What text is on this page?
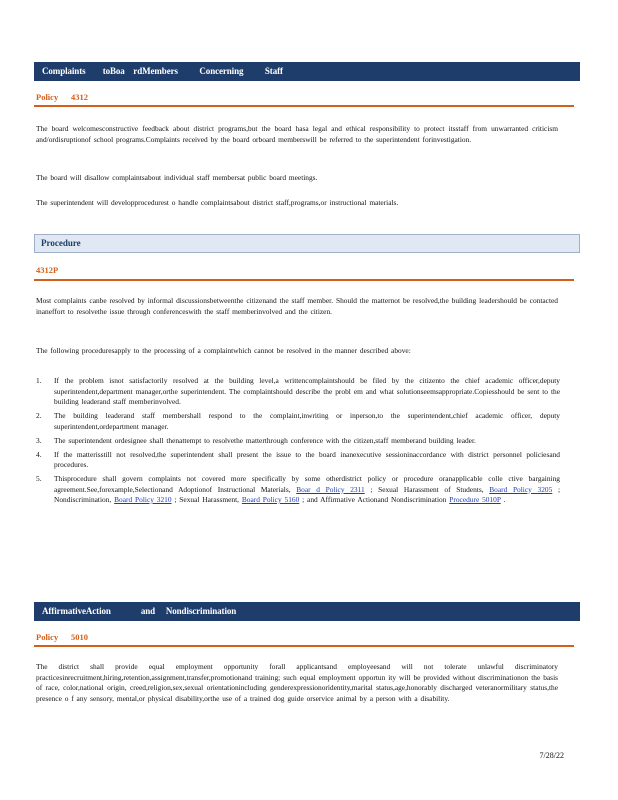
Complaints        toBoa    rdMembers          Concerning          Staff
Policy      4312
The board welcomesconstructive feedback about district programs,but the board hasa legal and ethical responsibility to protect itsstaff from unwarranted criticism and/ordisruptionof school programs.Complaints received by the board orboard memberswill be referred to the superintendent forinvestigation.
The board will disallow complaintsabout individual staff membersat public board meetings.
The superintendent will developprocedurest o handle complaintsabout district staff,programs,or instructional materials.
Procedure
4312P
Most complaints canbe resolved by informal discussionsbetweenthe citizenand the staff member. Should the matternot be resolved,the building leadershould be contacted inaneffort to resolvethe issue through conferenceswith the staff memberinvolved and the citizen.
The following proceduresapply to the processing of a complaintwhich cannot be resolved in the manner described above:
1. If the problem isnot satisfactorily resolved at the building level,a writtencomplaintshould be filed by the citizento the chief academic officer,deputy superintendent,department manager,orthe superintendent. The complaintshould describe the probl em and what solutionseemsappropriate.Copiesshould be sent to the building leaderand staff memberinvolved.
2. The building leaderand staff membershall respond to the complaint,inwriting or inperson,to the superintendent,chief academic officer, deputy superintendent,ordepartment manager.
3. The superintendent ordesignee shall thenattempt to resolvethe matterthrough conference with the citizen,staff memberand building leader.
4. If the matterisstill not resolved,the superintendent shall present the issue to the board inanexecutive sessioninaccordance with district personnel policiesand procedures.
5. Thisprocedure shall govern complaints not covered more specifically by some otherdistrict policy or procedure oranapplicable colle ctive bargaining agreement.See,forexample,Selectionand Adoptionof Instructional Materials, Boar d Policy 2311 ; Sexual Harassment of Students, Board Policy 3205 ; Nondiscrimination, Board Policy 3210 ; Sexual Harassment, Board Policy 5160 ; and Affirmative Actionand Nondiscrimination Procedure 5010P .
AffirmativeAction              and     Nondiscrimination
Policy      5010
The district shall provide equal employment opportunity forall applicantsand employeesand will not tolerate unlawful discriminatory practicesinrecruitment,hiring,retention,assignment,transfer,promotionand training; such equal employment opportun ity will be provided without discriminationon the basis of race, color,national origin, creed,religion,sex,sexual orientationincluding genderexpressionoridentity,marital status,age,honorably discharged veteranormilitary status,the presence o f any sensory, mental,or physical disability,orthe use of a trained dog guide orservice animal by a person with a disability.
7/28/22
